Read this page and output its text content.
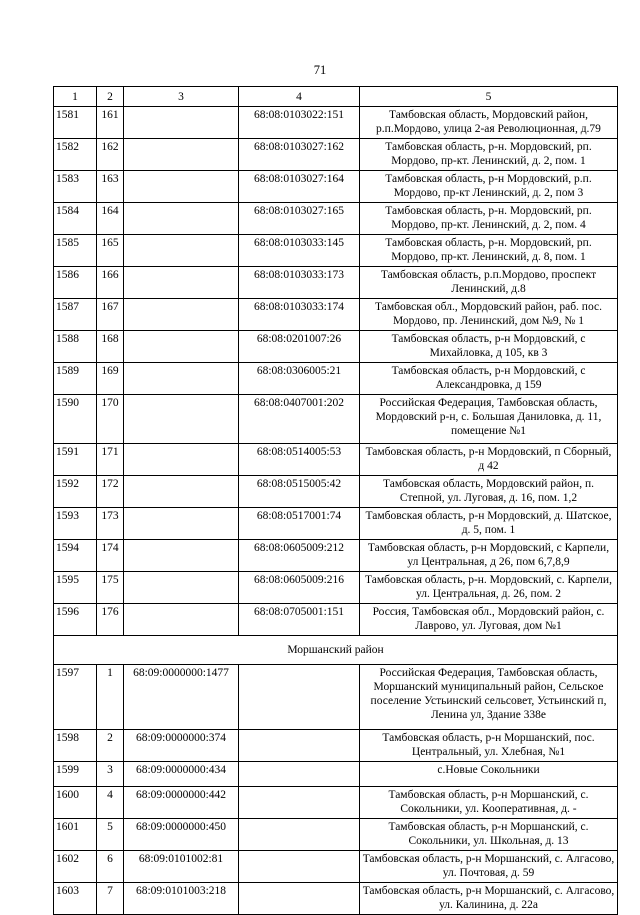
71
1	2	3	4	5
1581	161		68:08:0103022:151	Тамбовская область, Мордовский район, р.п.Мордово, улица 2-ая Революционная, д.79
1582	162		68:08:0103027:162	Тамбовская область, р-н. Мордовский, рп. Мордово, пр-кт. Ленинский, д. 2, пом. 1
1583	163		68:08:0103027:164	Тамбовская область, р-н Мордовский, р.п. Мордово, пр-кт Ленинский, д. 2, пом 3
1584	164		68:08:0103027:165	Тамбовская область, р-н. Мордовский, рп. Мордово, пр-кт. Ленинский, д. 2, пом. 4
1585	165		68:08:0103033:145	Тамбовская область, р-н. Мордовский, рп. Мордово, пр-кт. Ленинский, д. 8, пом. 1
1586	166		68:08:0103033:173	Тамбовская область, р.п.Мордово, проспект Ленинский, д.8
1587	167		68:08:0103033:174	Тамбовская обл., Мордовский район, раб. пос. Мордово, пр. Ленинский, дом №9, № 1
1588	168		68:08:0201007:26	Тамбовская область, р-н Мордовский, с Михайловка, д 105, кв 3
1589	169		68:08:0306005:21	Тамбовская область, р-н Мордовский, с Александровка, д 159
1590	170		68:08:0407001:202	Российская Федерация, Тамбовская область, Мордовский р-н, с. Большая Даниловка, д. 11, помещение №1
1591	171		68:08:0514005:53	Тамбовская область, р-н Мордовский, п Сборный, д 42
1592	172		68:08:0515005:42	Тамбовская область, Мордовский район, п. Степной, ул. Луговая, д. 16, пом. 1,2
1593	173		68:08:0517001:74	Тамбовская область, р-н Мордовский, д. Шатское, д. 5, пом. 1
1594	174		68:08:0605009:212	Тамбовская область, р-н Мордовский, с Карпели, ул Центральная, д 26, пом 6,7,8,9
1595	175		68:08:0605009:216	Тамбовская область, р-н. Мордовский, с. Карпели, ул. Центральная, д. 26, пом. 2
1596	176		68:08:0705001:151	Россия, Тамбовская обл., Мордовский район, с. Лаврово, ул. Луговая, дом №1
Моршанский район				
1597	1	68:09:0000000:1477		Российская Федерация, Тамбовская область, Моршанский муниципальный район, Сельское поселение Устьинский сельсовет, Устьинский п, Ленина ул, Здание 338е
1598	2	68:09:0000000:374		Тамбовская область, р-н Моршанский, пос. Центральный, ул. Хлебная, №1
1599	3	68:09:0000000:434		с.Новые Сокольники
1600	4	68:09:0000000:442		Тамбовская область, р-н Моршанский, с. Сокольники, ул. Кооперативная, д. -
1601	5	68:09:0000000:450		Тамбовская область, р-н Моршанский, с. Сокольники, ул. Школьная, д. 13
1602	6	68:09:0101002:81		Тамбовская область, р-н Моршанский, с. Алгасово, ул. Почтовая, д. 59
1603	7	68:09:0101003:218		Тамбовская область, р-н Моршанский, с. Алгасово, ул. Калинина, д. 22а
